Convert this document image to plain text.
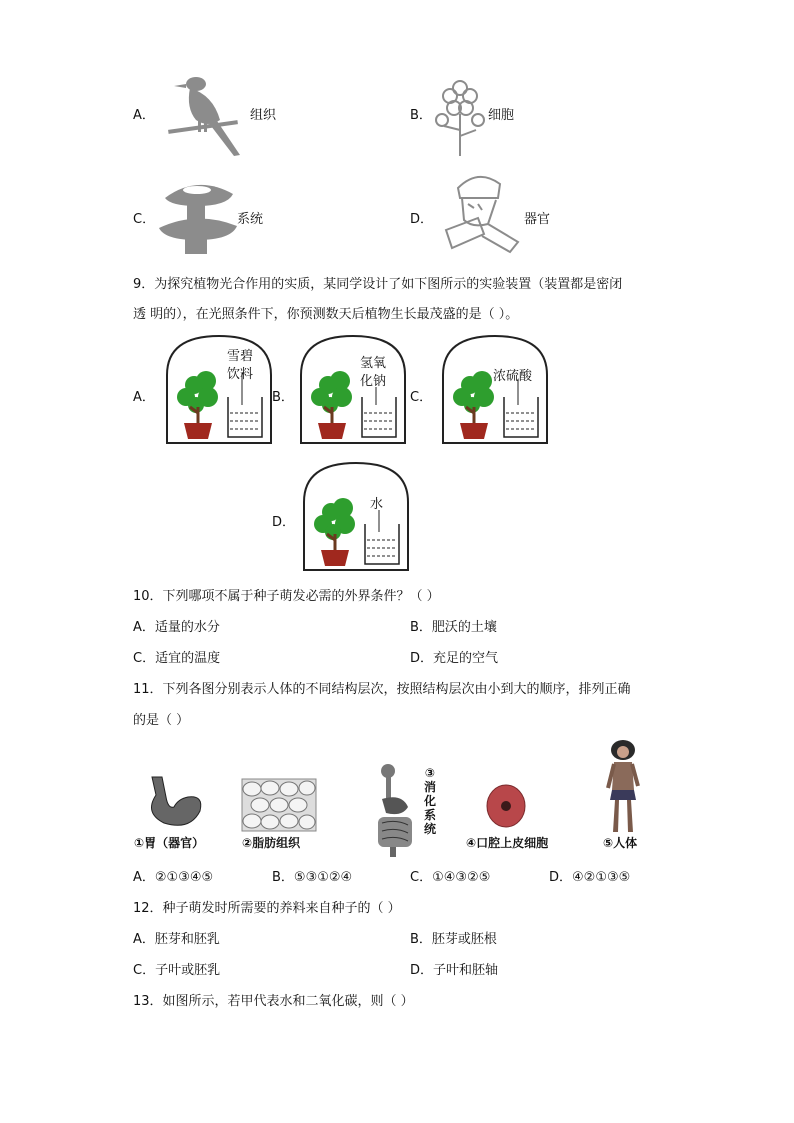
A．	组织	B．	细胞
C．	系统	D．	器官
9．为探究植物光合作用的实质，某同学设计了如下图所示的实验装置（装置都是密闭
透 明的），在光照条件下，你预测数天后植物生长最茂盛的是（ ）。
A．
雪碧
饮料
B．
氢氧
化钠
C．
浓硫酸
D．
水
10．下列哪项不属于种子萌发必需的外界条件？（ ）
A．适量的水分	B．肥沃的土壤
C．适宜的温度	D．充足的空气
11．下列各图分别表示人体的不同结构层次，按照结构层次由小到大的顺序，排列正确
的是（ ）
①胃（器官）	②脂肪组织
③
消
化
系
统
④口腔上皮细胞	⑤人体
A．②①③④⑤	B．⑤③①②④	C．①④③②⑤	D．④②①③⑤
12．种子萌发时所需要的养料来自种子的（ ）
A．胚芽和胚乳	B．胚芽或胚根
C．子叶或胚乳	D．子叶和胚轴
13．如图所示，若甲代表水和二氧化碳，则（ ）
